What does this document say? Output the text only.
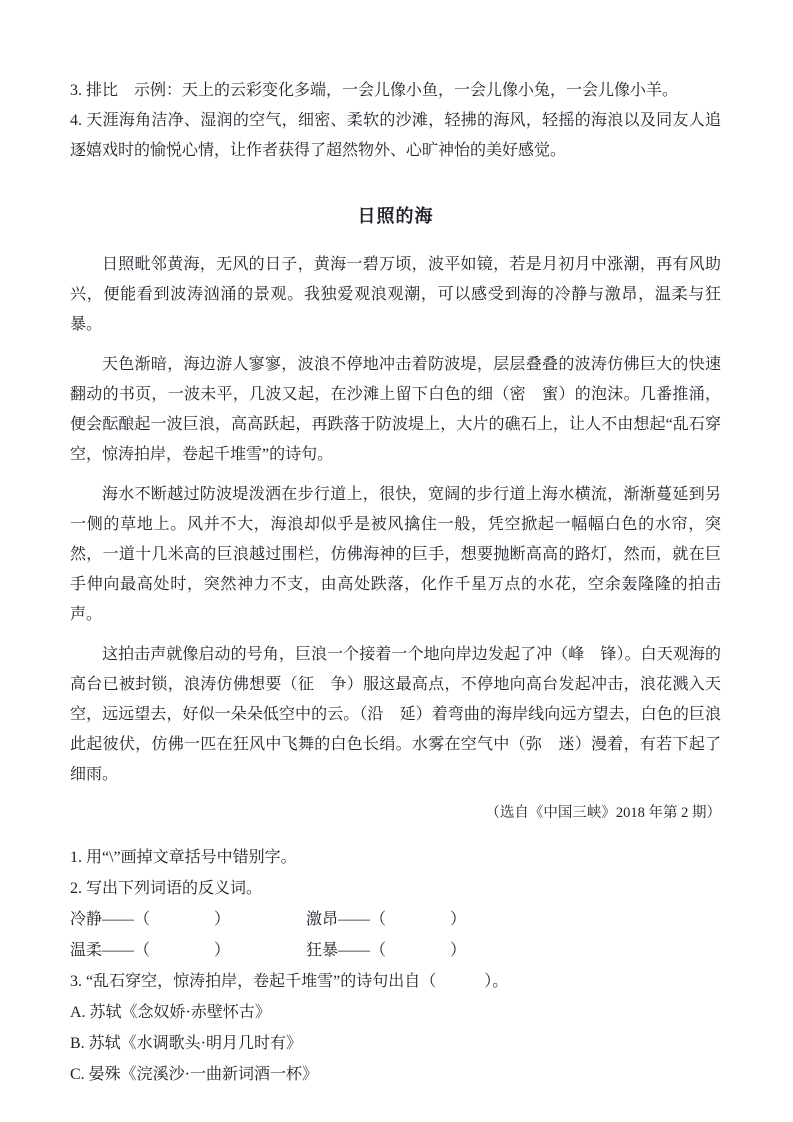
3. 排比　示例：天上的云彩变化多端，一会儿像小鱼，一会儿像小兔，一会儿像小羊。

4. 天涯海角洁净、湿润的空气，细密、柔软的沙滩，轻拂的海风，轻摇的海浪以及同友人追逐嬉戏时的愉悦心情，让作者获得了超然物外、心旷神怡的美好感觉。

日照的海

日照毗邻黄海，无风的日子，黄海一碧万顷，波平如镜，若是月初月中涨潮，再有风助兴，便能看到波涛汹涌的景观。我独爱观浪观潮，可以感受到海的冷静与激昂，温柔与狂暴。

天色渐暗，海边游人寥寥，波浪不停地冲击着防波堤，层层叠叠的波涛仿佛巨大的快速翻动的书页，一波未平，几波又起，在沙滩上留下白色的细（密　蜜）的泡沫。几番推涌，便会酝酿起一波巨浪，高高跃起，再跌落于防波堤上，大片的礁石上，让人不由想起“乱石穿空，惊涛拍岸，卷起千堆雪”的诗句。

海水不断越过防波堤泼洒在步行道上，很快，宽阔的步行道上海水横流，渐渐蔓延到另一侧的草地上。风并不大，海浪却似乎是被风擒住一般，凭空掀起一幅幅白色的水帘，突然，一道十几米高的巨浪越过围栏，仿佛海神的巨手，想要抛断高高的路灯，然而，就在巨手伸向最高处时，突然神力不支，由高处跌落，化作千星万点的水花，空余轰隆隆的拍击声。

这拍击声就像启动的号角，巨浪一个接着一个地向岸边发起了冲（峰　锋）。白天观海的高台已被封锁，浪涛仿佛想要（征　争）服这最高点，不停地向高台发起冲击，浪花溅入天空，远远望去，好似一朵朵低空中的云。（沿　延）着弯曲的海岸线向远方望去，白色的巨浪此起彼伏，仿佛一匹在狂风中飞舞的白色长绢。水雾在空气中（弥　迷）漫着，有若下起了细雨。

（选自《中国三峡》2018 年第 2 期）

1. 用“\”画掉文章括号中错别字。

2. 写出下列词语的反义词。

冷静——（　　　　）	激昂——（　　　　）
温柔——（　　　　）	狂暴——（　　　　）

3. “乱石穿空，惊涛拍岸，卷起千堆雪”的诗句出自（　　　）。

A. 苏轼《念奴娇·赤壁怀古》

B. 苏轼《水调歌头·明月几时有》

C. 晏殊《浣溪沙·一曲新词酒一杯》
